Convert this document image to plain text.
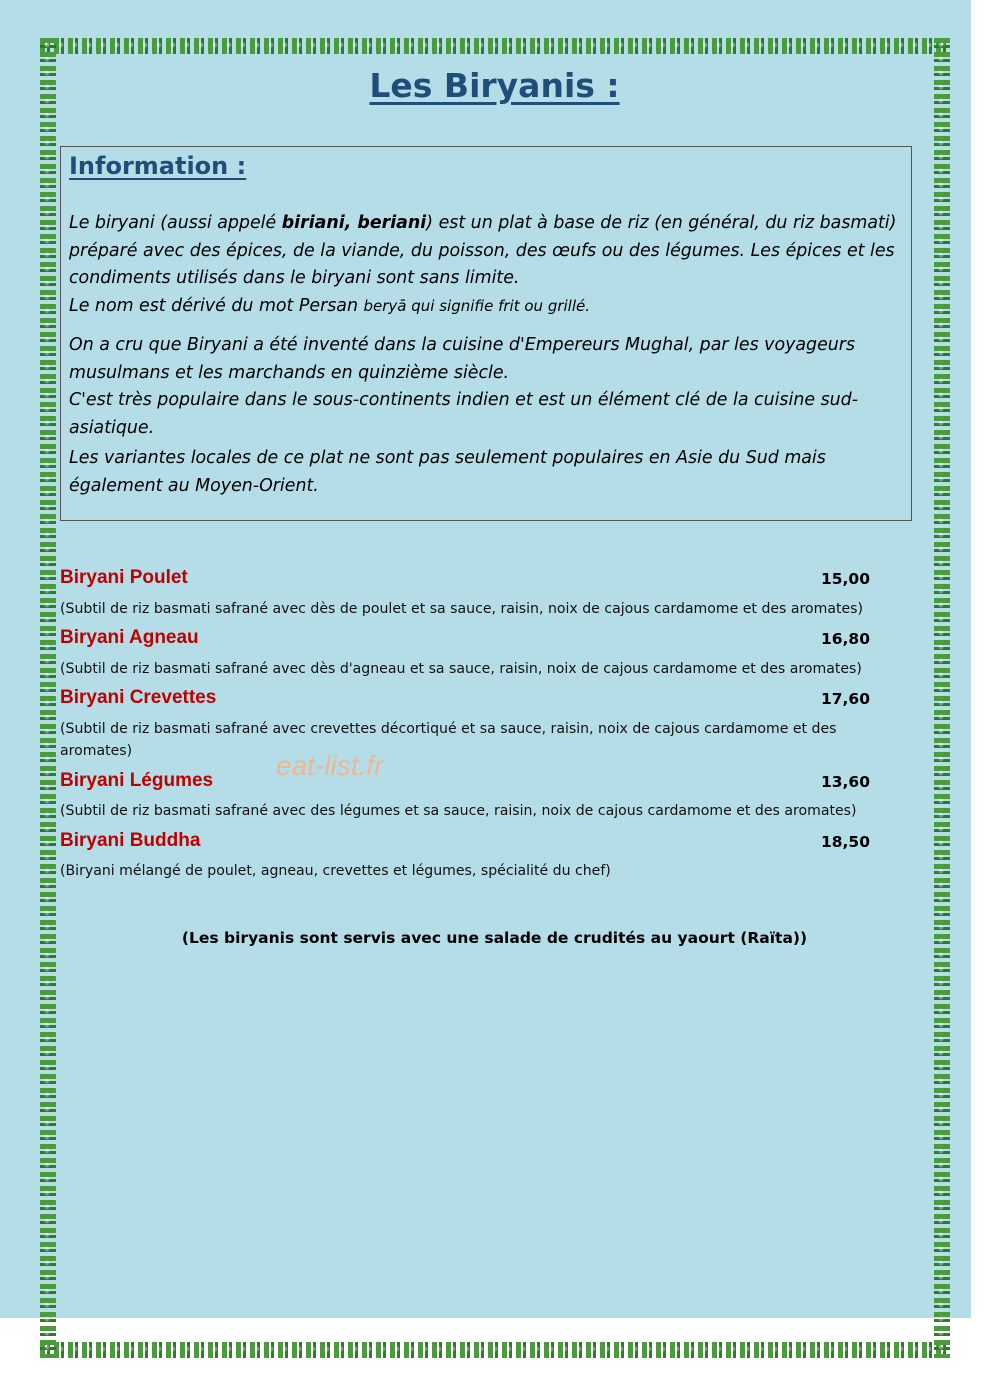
Les Biryanis :
Information :

Le biryani (aussi appelé biriani, beriani) est un plat à base de riz (en général, du riz basmati) préparé avec des épices, de la viande, du poisson, des œufs ou des légumes. Les épices et les condiments utilisés dans le biryani sont sans limite.
Le nom est dérivé du mot Persan beryā qui signifie frit ou grillé.

On a cru que Biryani a été inventé dans la cuisine d'Empereurs Mughal, par les voyageurs musulmans et les marchands en quinzième siècle.
C'est très populaire dans le sous-continents indien et est un élément clé de la cuisine sud-asiatique.

Les variantes locales de ce plat ne sont pas seulement populaires en Asie du Sud mais également au Moyen-Orient.

Biryani Poulet	15,00
(Subtil de riz basmati safrané avec dès de poulet et sa sauce, raisin, noix de cajous cardamome et des aromates)
Biryani Agneau	16,80
(Subtil de riz basmati safrané avec dès d'agneau et sa sauce, raisin, noix de cajous cardamome et des aromates)
Biryani Crevettes	17,60
(Subtil de riz basmati safrané avec crevettes décortiqué et sa sauce, raisin, noix de cajous cardamome et des aromates)
Biryani Légumes	13,60
(Subtil de riz basmati safrané avec des légumes et sa sauce, raisin, noix de cajous cardamome et des aromates)
Biryani Buddha	18,50
(Biryani mélangé de poulet, agneau, crevettes et légumes, spécialité du chef)
eat-list.fr
(Les biryanis sont servis avec une salade de crudités au yaourt (Raïta))
